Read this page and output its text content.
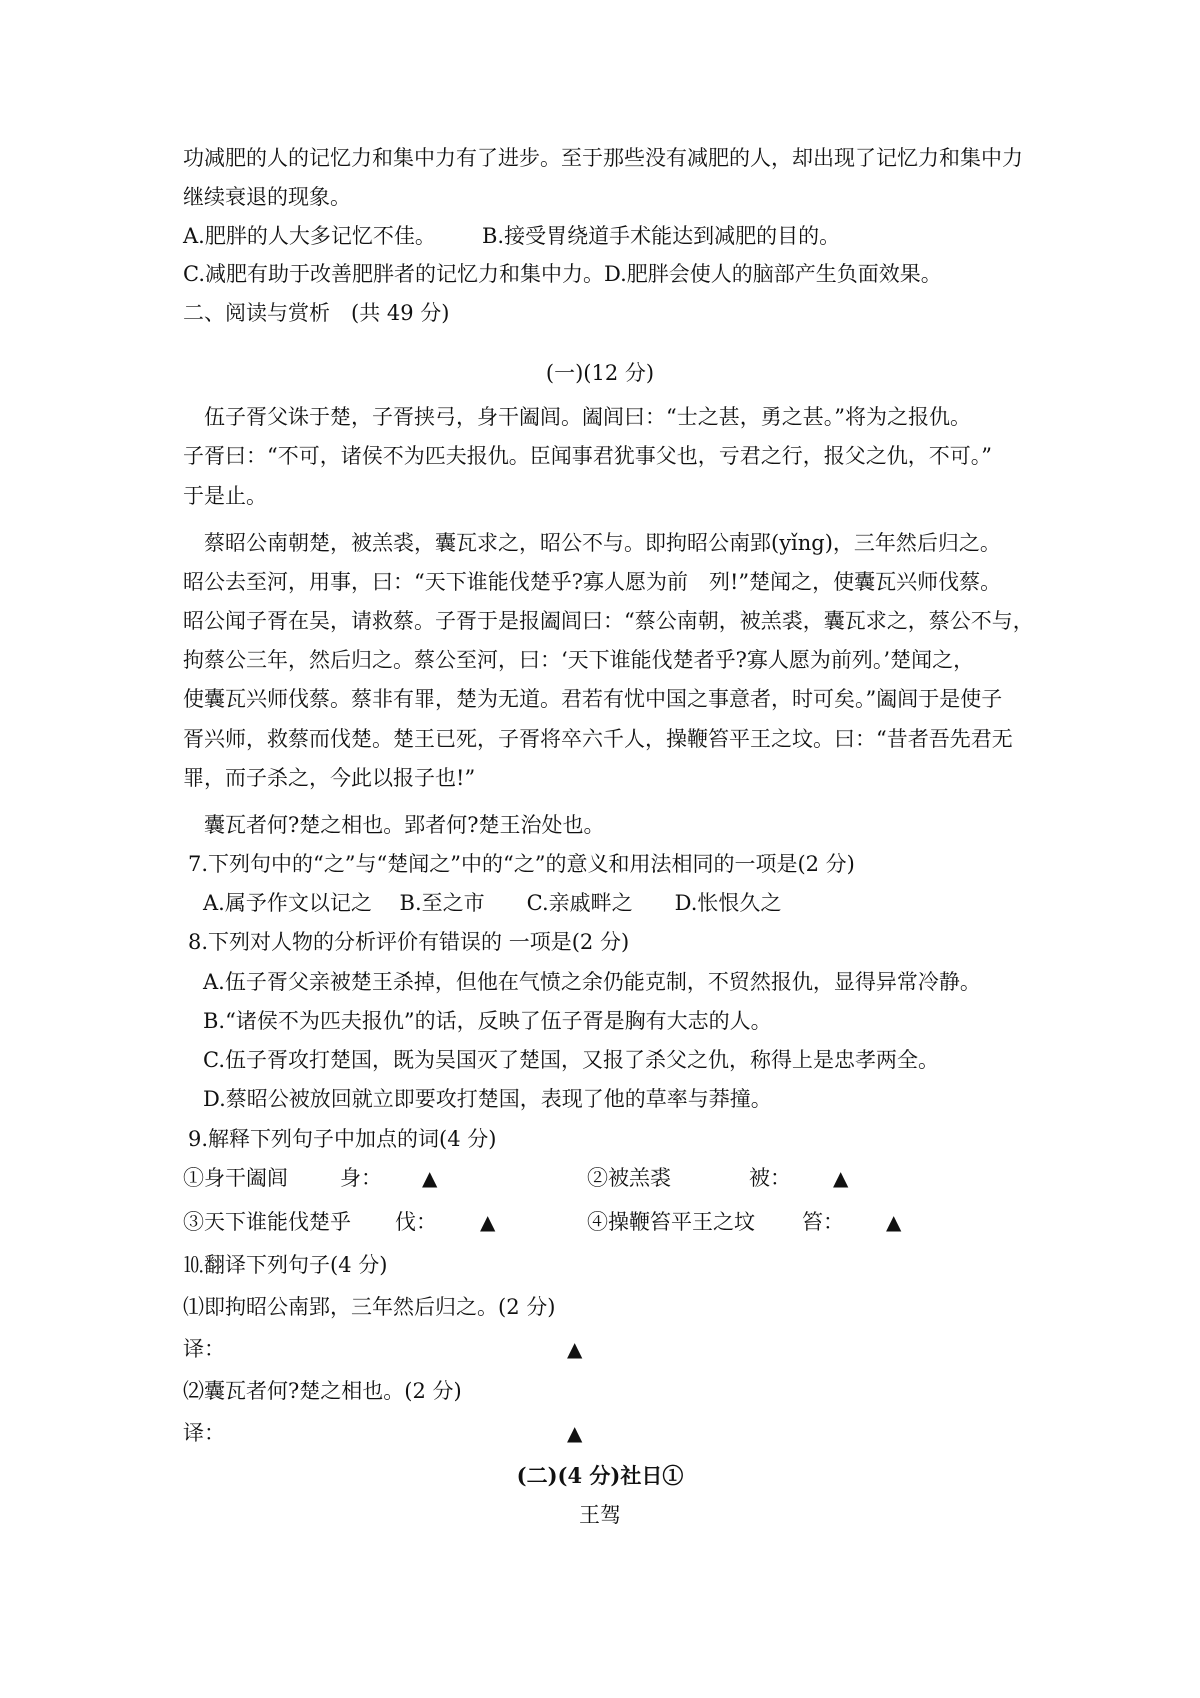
功减肥的人的记忆力和集中力有了进步。至于那些没有减肥的人，却出现了记忆力和集中力
继续衰退的现象。
A.肥胖的人大多记忆不佳。 B.接受胃绕道手术能达到减肥的目的。
C.减肥有助于改善肥胖者的记忆力和集中力。D.肥胖会使人的脑部产生负面效果。
二、阅读与赏析　(共 49 分)
(一)(12 分)
　伍子胥父诛于楚，子胥挟弓，身干阖闾。阖闾曰：“士之甚，勇之甚。”将为之报仇。
子胥曰：“不可，诸侯不为匹夫报仇。臣闻事君犹事父也，亏君之行，报父之仇，不可。”
于是止。
　蔡昭公南朝楚，被羔裘，囊瓦求之，昭公不与。即拘昭公南郢(yǐng)，三年然后归之。
昭公去至河，用事，曰：“天下谁能伐楚乎?寡人愿为前　列!”楚闻之，使囊瓦兴师伐蔡。
昭公闻子胥在吴，请救蔡。子胥于是报阖闾曰：“蔡公南朝，被羔裘，囊瓦求之，蔡公不与，
拘蔡公三年，然后归之。蔡公至河，曰：‘天下谁能伐楚者乎?寡人愿为前列。’楚闻之，
使囊瓦兴师伐蔡。蔡非有罪，楚为无道。君若有忧中国之事意者，时可矣。”阖闾于是使子
胥兴师，救蔡而伐楚。楚王已死，子胥将卒六千人，操鞭笞平王之坟。曰：“昔者吾先君无
罪，而子杀之，今此以报子也!”
　囊瓦者何?楚之相也。郢者何?楚王治处也。
7.下列句中的“之”与“楚闻之”中的“之”的意义和用法相同的一项是(2 分)
A.属予作文以记之　 B.至之市　　C.亲戚畔之　　D.怅恨久之
8.下列对人物的分析评价有错误的 一项是(2 分)
A.伍子胥父亲被楚王杀掉，但他在气愤之余仍能克制，不贸然报仇，显得异常冷静。
B.“诸侯不为匹夫报仇”的话，反映了伍子胥是胸有大志的人。
C.伍子胥攻打楚国，既为吴国灭了楚国，又报了杀父之仇，称得上是忠孝两全。
D.蔡昭公被放回就立即要攻打楚国，表现了他的草率与莽撞。
9.解释下列句子中加点的词(4 分)
①身干阖闾 身： ▲	②被羔裘	被： ▲
③天下谁能伐楚乎 伐： ▲	④操鞭笞平王之坟 笞： ▲
⒑翻译下列句子(4 分)
⑴即拘昭公南郢，三年然后归之。(2 分)
译：	▲
⑵囊瓦者何?楚之相也。(2 分)
译：	▲
(二)(4 分)社日①
王驾
